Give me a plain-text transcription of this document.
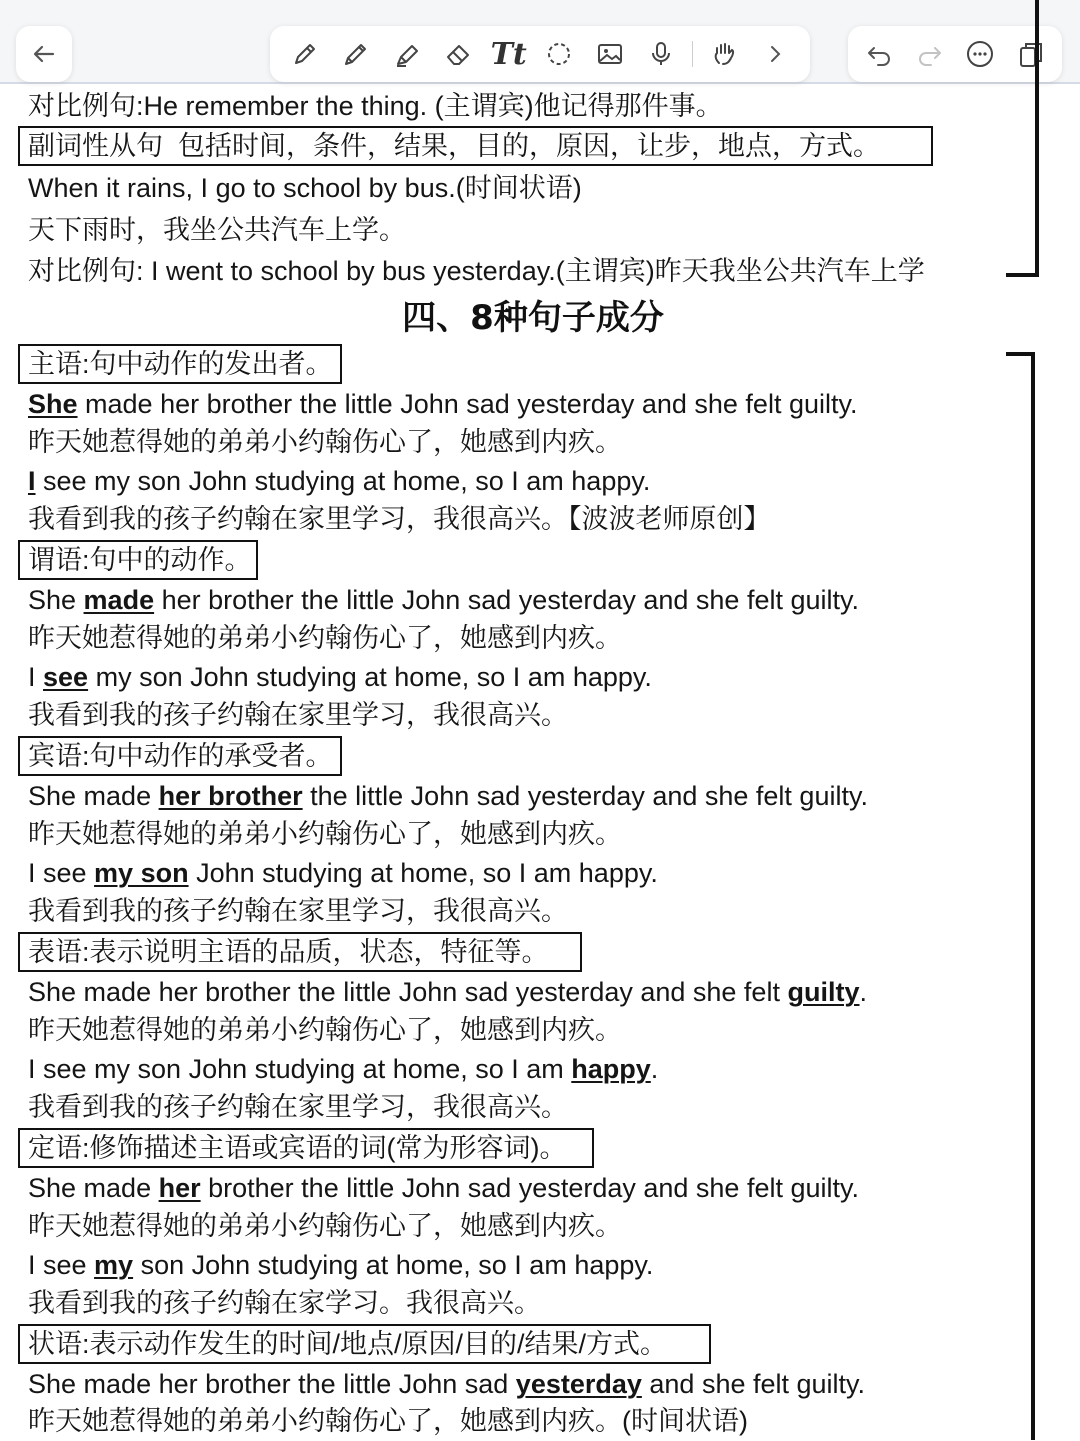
Tt
对比例句:He remember the thing. (主谓宾)他记得那件事。
副词性从句  包括时间，条件，结果，目的，原因，让步，地点，方式。
When it rains, I go to school by bus.(时间状语)
天下雨时，我坐公共汽车上学。
对比例句: I went to school by bus yesterday.(主谓宾)昨天我坐公共汽车上学
四、8种句子成分
主语:句中动作的发出者。
She made her brother the little John sad yesterday and she felt guilty.
昨天她惹得她的弟弟小约翰伤心了，她感到内疚。
I see my son John studying at home, so I am happy.
我看到我的孩子约翰在家里学习，我很高兴。【波波老师原创】
谓语:句中的动作。
She made her brother the little John sad yesterday and she felt guilty.
昨天她惹得她的弟弟小约翰伤心了，她感到内疚。
I see my son John studying at home, so I am happy.
我看到我的孩子约翰在家里学习，我很高兴。
宾语:句中动作的承受者。
She made her brother the little John sad yesterday and she felt guilty.
昨天她惹得她的弟弟小约翰伤心了，她感到内疚。
I see my son John studying at home, so I am happy.
我看到我的孩子约翰在家里学习，我很高兴。
表语:表示说明主语的品质，状态，特征等。
She made her brother the little John sad yesterday and she felt guilty.
昨天她惹得她的弟弟小约翰伤心了，她感到内疚。
I see my son John studying at home, so I am happy.
我看到我的孩子约翰在家里学习，我很高兴。
定语:修饰描述主语或宾语的词(常为形容词)。
She made her brother the little John sad yesterday and she felt guilty.
昨天她惹得她的弟弟小约翰伤心了，她感到内疚。
I see my son John studying at home, so I am happy.
我看到我的孩子约翰在家学习。我很高兴。
状语:表示动作发生的时间/地点/原因/目的/结果/方式。
She made her brother the little John sad yesterday and she felt guilty.
昨天她惹得她的弟弟小约翰伤心了，她感到内疚。(时间状语)
